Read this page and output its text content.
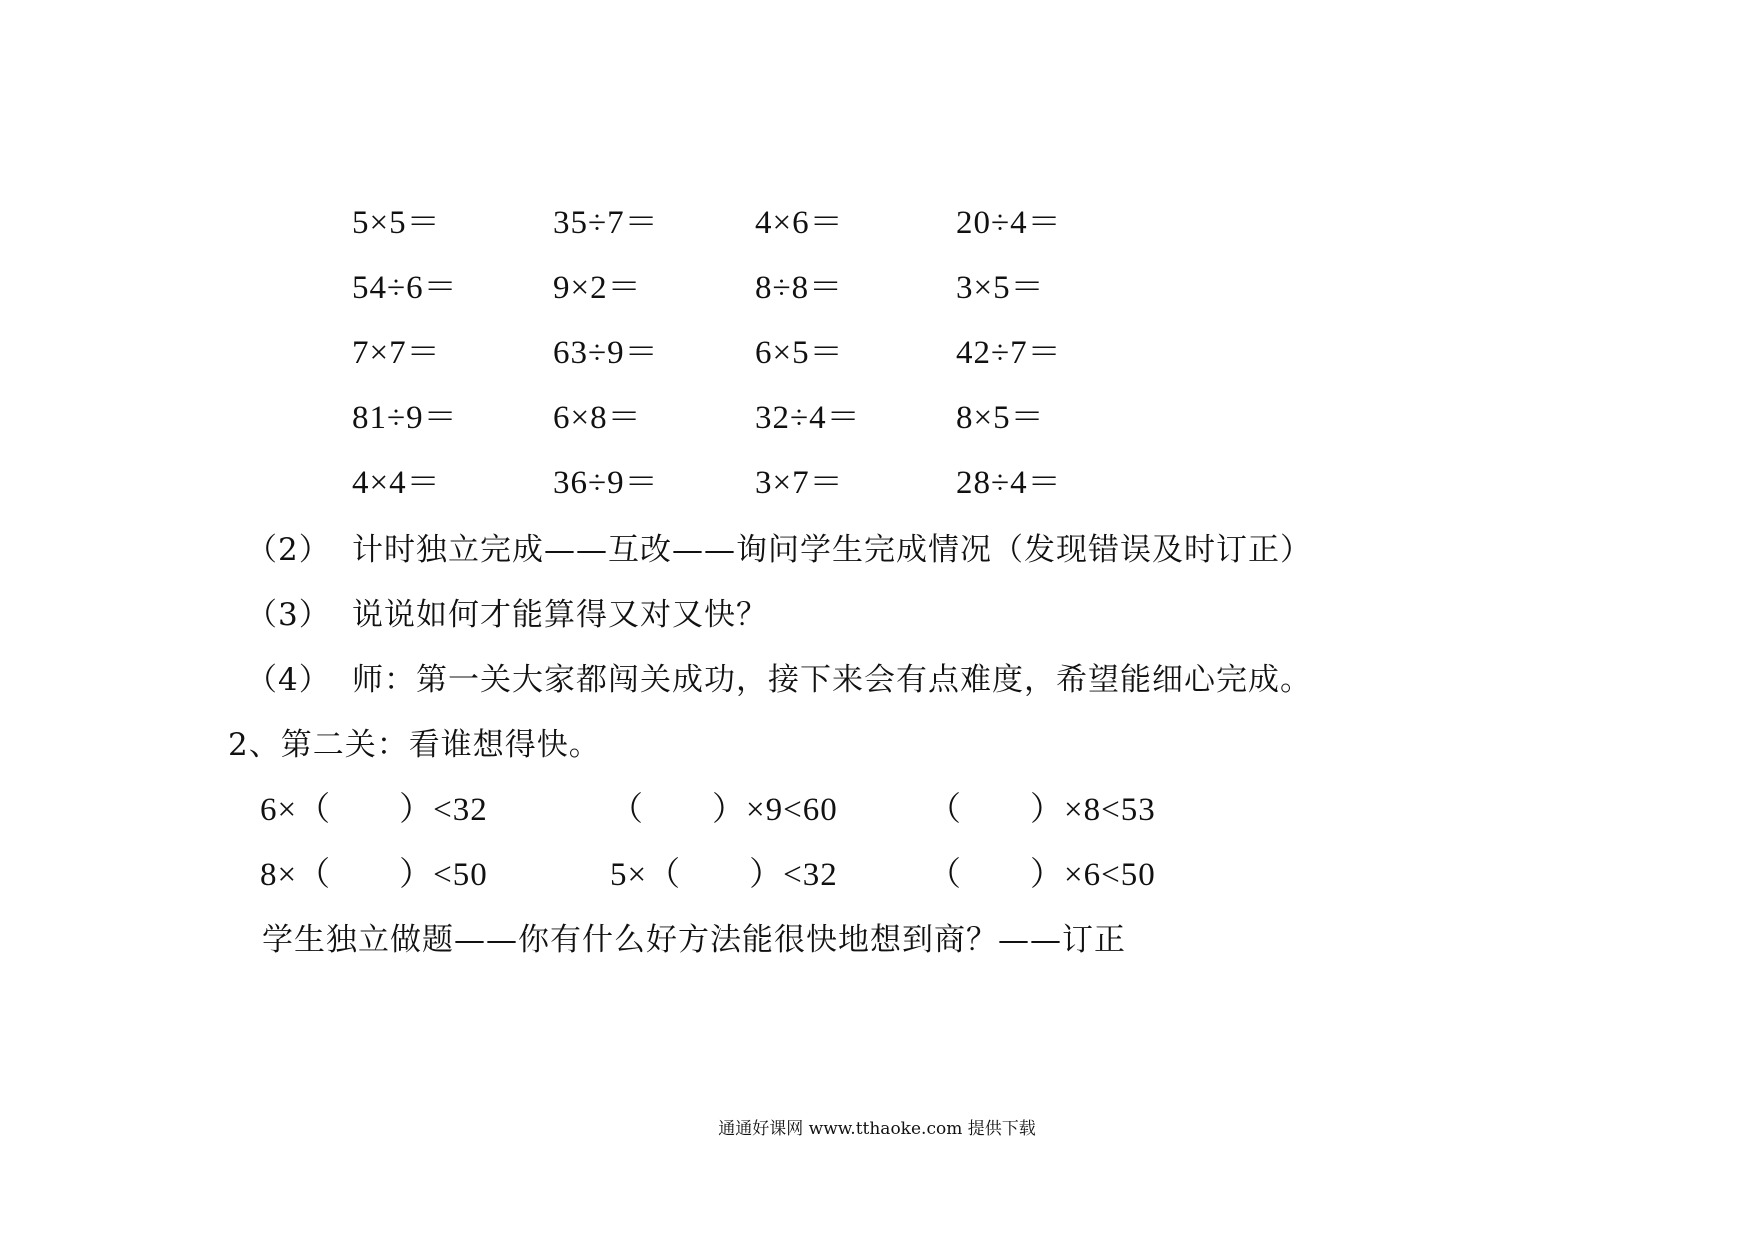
5×5＝	35÷7＝	4×6＝	20÷4＝
54÷6＝	9×2＝	8÷8＝	3×5＝
7×7＝	63÷9＝	6×5＝	42÷7＝
81÷9＝	6×8＝	32÷4＝	8×5＝
4×4＝	36÷9＝	3×7＝	28÷4＝
（2） 计时独立完成——互改——询问学生完成情况（发现错误及时订正）
（3） 说说如何才能算得又对又快？
（4） 师：第一关大家都闯关成功，接下来会有点难度，希望能细心完成。
2、第二关：看谁想得快。
6×（　　）<32	（　　）×9<60	（　　）×8<53
8×（　　）<50	5×（　　）<32	（　　）×6<50
学生独立做题——你有什么好方法能很快地想到商？——订正
通通好课网 www.tthaoke.com 提供下载
